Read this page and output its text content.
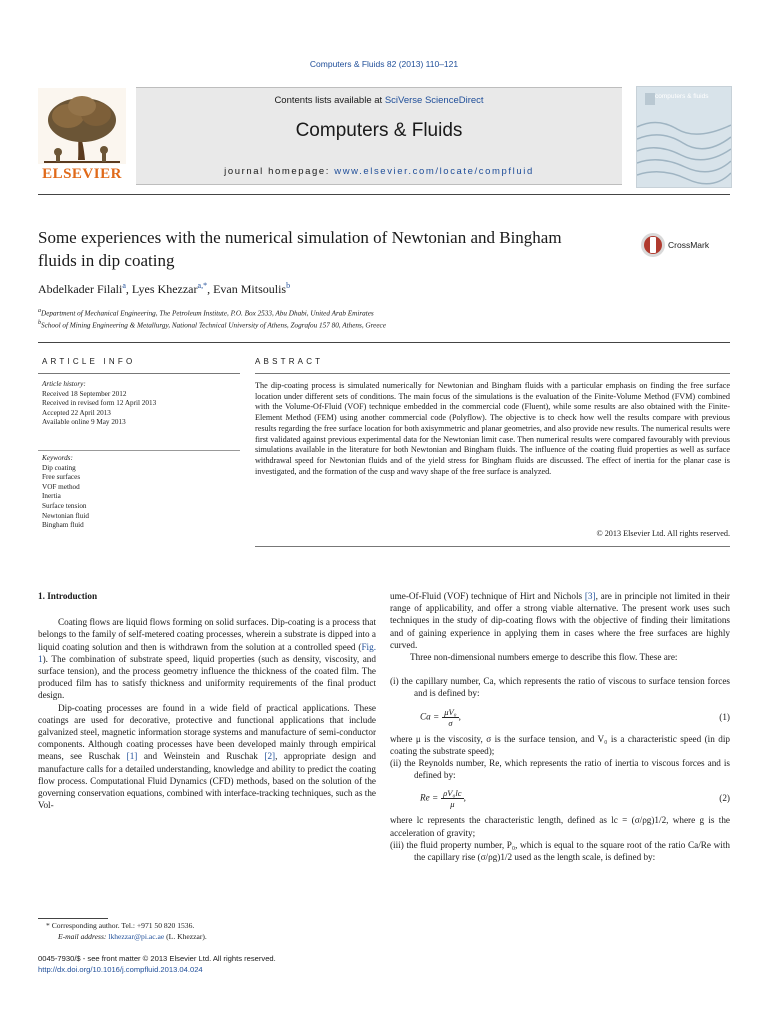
Computers & Fluids 82 (2013) 110–121
ELSEVIER
Contents lists available at SciVerse ScienceDirect
Computers & Fluids
journal homepage: www.elsevier.com/locate/compfluid
computers & fluids
Some experiences with the numerical simulation of Newtonian and Bingham fluids in dip coating
CrossMark
Abdelkader Filali$^a$, Lyes Khezzar$^{a,*}$, Evan Mitsoulis$^b$
$^a$Department of Mechanical Engineering, The Petroleum Institute, P.O. Box 2533, Abu Dhabi, United Arab Emirates
$^b$School of Mining Engineering & Metallurgy, National Technical University of Athens, Zografou 157 80, Athens, Greece
ARTICLE INFO	ABSTRACT
Article history:
Received 18 September 2012
Received in revised form 12 April 2013
Accepted 22 April 2013
Available online 9 May 2013
Keywords:
Dip coating
Free surfaces
VOF method
Inertia
Surface tension
Newtonian fluid
Bingham fluid
The dip-coating process is simulated numerically for Newtonian and Bingham fluids with a particular emphasis on finding the free surface location under different sets of conditions. The main focus of the simulations is the evaluation of the Finite-Volume Method (FVM) combined with the Volume-Of-Fluid (VOF) technique embedded in the commercial code (Fluent), while some results are also obtained with the Finite-Element Method (FEM) using another commercial code (Polyflow). The objective is to check how well the results compare with previous results regarding the free surface location for both axisymmetric and planar geometries, and also provide new results. The numerical results were first validated against previous experimental data for the Newtonian limit case. Then numerical results were compared favourably with previous simulations available in the literature for both Newtonian and Bingham fluids. The influence of the coating fluid properties as well as surface withdrawal speed for Newtonian fluids and of the yield stress for Bingham fluids are discussed. The effect of inertia for the planar case is investigated, and the formation of the cusp and wavy shape of the free surface is analyzed.
© 2013 Elsevier Ltd. All rights reserved.

1. Introduction

Coating flows are liquid flows forming on solid surfaces. Dip-coating is a process that belongs to the family of self-metered coating processes, wherein a substrate is dipped into a liquid coating solution and then is withdrawn from the solution at a controlled speed (Fig. 1). The combination of substrate speed, liquid properties (such as density, viscosity, and surface tension), and the process geometry influence the thickness of the coated film. The produced film has to satisfy thickness and uniformity requirements of the final product design.

Dip-coating processes are found in a wide field of practical applications. These coatings are used for decorative, protective and functional applications that include galvanized steel, magnetic information storage systems and manufacture of semi-conductor components. Although coating processes have been developed mainly through empirical means, see Ruschak [1] and Weinstein and Ruschak [2], appropriate design and manufacture calls for a detailed understanding, knowledge and ability to predict the coating flow process. Computational Fluid Dynamics (CFD) methods, based on the solution of the governing conservation equations, combined with interface-tracking techniques, such as the Vol-

ume-Of-Fluid (VOF) technique of Hirt and Nichols [3], are in principle not limited in their range of applicability, and offer a strong viable alternative. The present work uses such techniques in the study of dip-coating flows with the objective of finding their limitations and of gaining experience in applying them in cases where the free surfaces are highly curved.

Three non-dimensional numbers emerge to describe this flow. These are:

(i) the capillary number, Ca, which represents the ratio of viscous to surface tension forces and is defined by:

$Ca = \frac{\text{μV₀}}{\sigma}$ ,	(1)

where μ is the viscosity, σ is the surface tension, and V₀ is a characteristic speed (in dip coating the substrate speed);

(ii) the Reynolds number, Re, which represents the ratio of inertia to viscous forces and is defined by:

$Re = \frac{\text{ρV₀lc}}{\mu}$ ,	(2)

where lc represents the characteristic length, defined as lc = (σ/ρg)1/2, where g is the acceleration of gravity;

(iii) the fluid property number, P₀, which is equal to the square root of the ratio Ca/Re with the capillary rise (σ/ρg)1/2 used as the length scale, is defined by:

* Corresponding author. Tel.: +971 50 820 1536.
E-mail address: lkhezzar@pi.ac.ae (L. Khezzar).
0045-7930/$ - see front matter © 2013 Elsevier Ltd. All rights reserved.
http://dx.doi.org/10.1016/j.compfluid.2013.04.024
